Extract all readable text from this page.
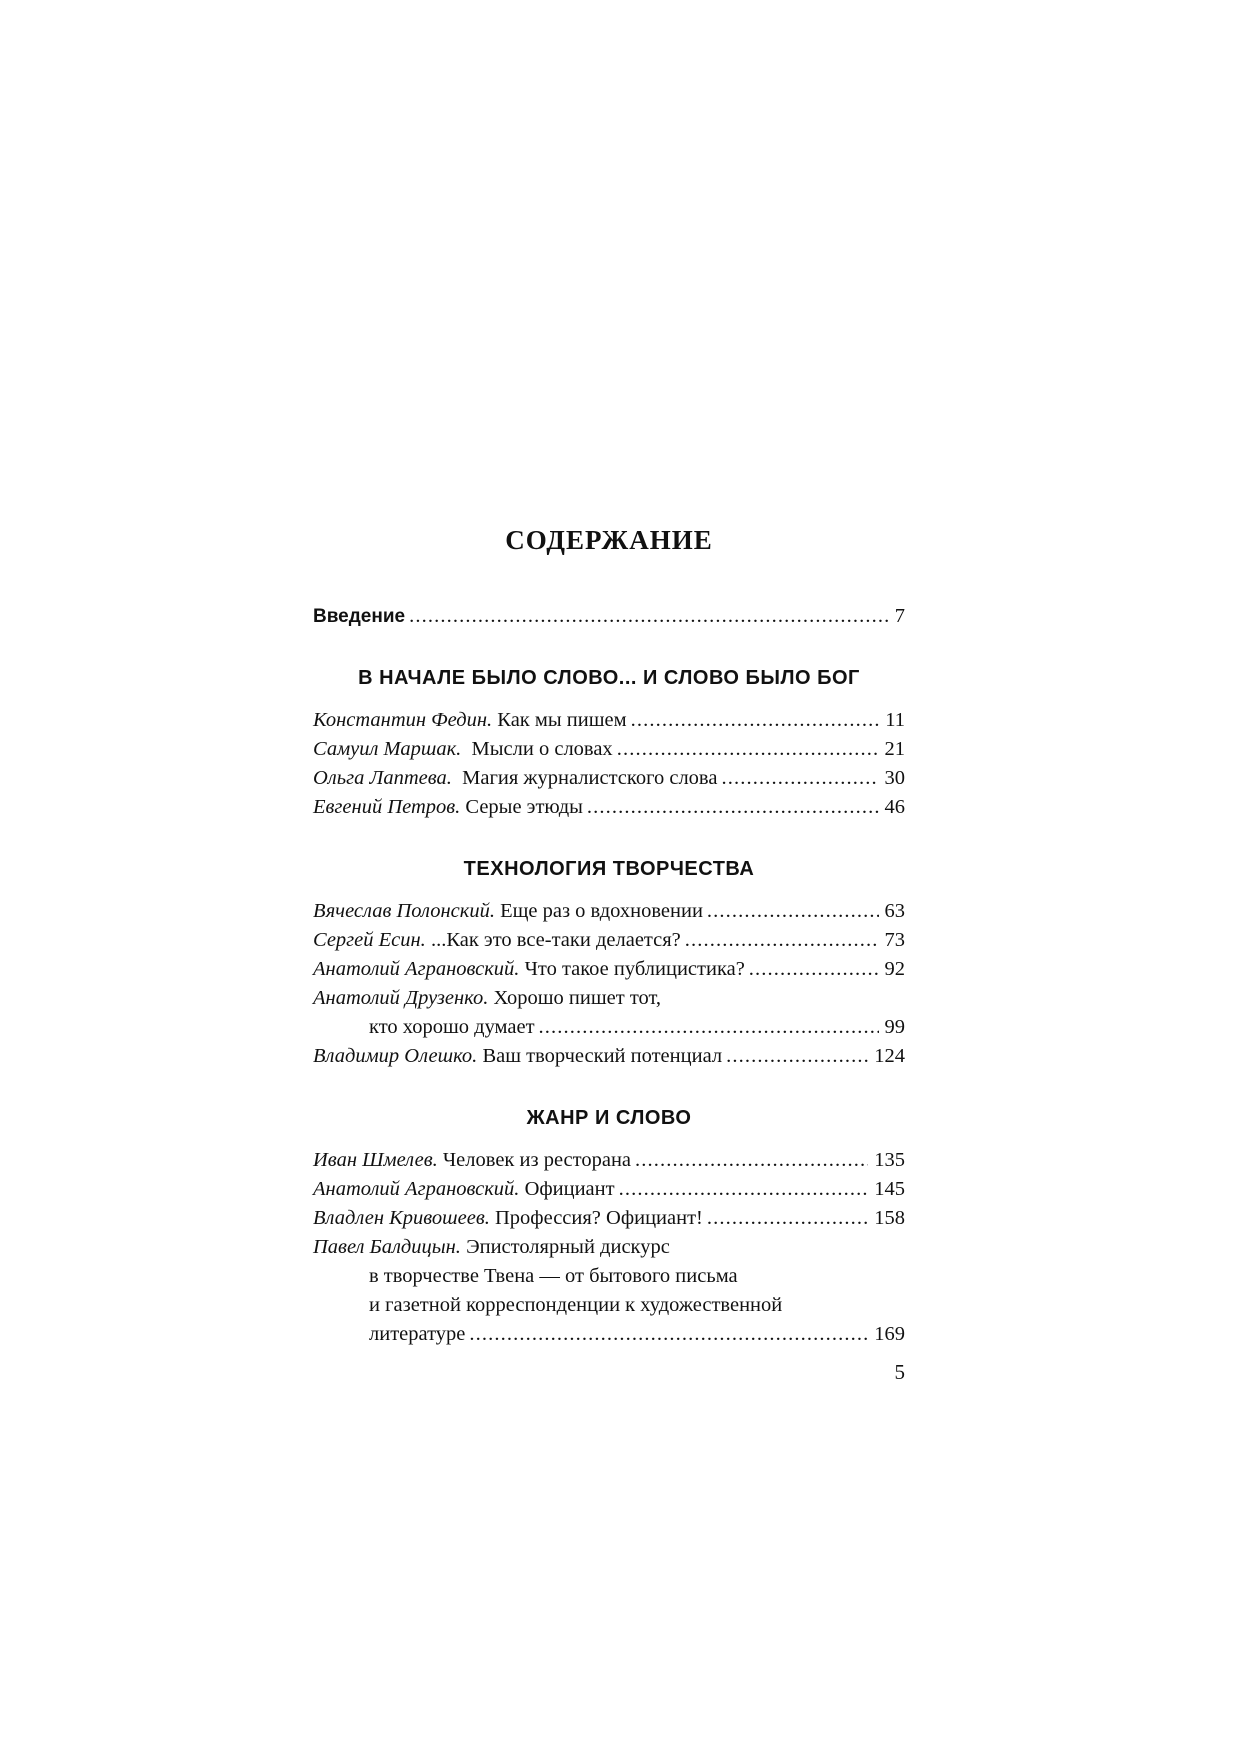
СОДЕРЖАНИЕ
Введение . . .	7
В НАЧАЛЕ БЫЛО СЛОВО... И СЛОВО БЫЛО БОГ
Константин Федин. Как мы пишем . . .	11
Самуил Маршак. Мысли о словах . . .	21
Ольга Лаптева. Магия журналистского слова . . .	30
Евгений Петров. Серые этюды . . .	46
ТЕХНОЛОГИЯ ТВОРЧЕСТВА
Вячеслав Полонский. Еще раз о вдохновении . . .	63
Сергей Есин. ...Как это все-таки делается? . . .	73
Анатолий Аграновский. Что такое публицистика? . . .	92
Анатолий Друзенко. Хорошо пишет тот,
кто хорошо думает . . .	99
Владимир Олешко. Ваш творческий потенциал . . .	124
ЖАНР И СЛОВО
Иван Шмелев. Человек из ресторана . . .	135
Анатолий Аграновский. Официант . . .	145
Владлен Кривошеев. Профессия? Официант! . . .	158
Павел Балдицын. Эпистолярный дискурс
в творчестве Твена — от бытового письма
и газетной корреспонденции к художественной
литературе . . .	169
5
